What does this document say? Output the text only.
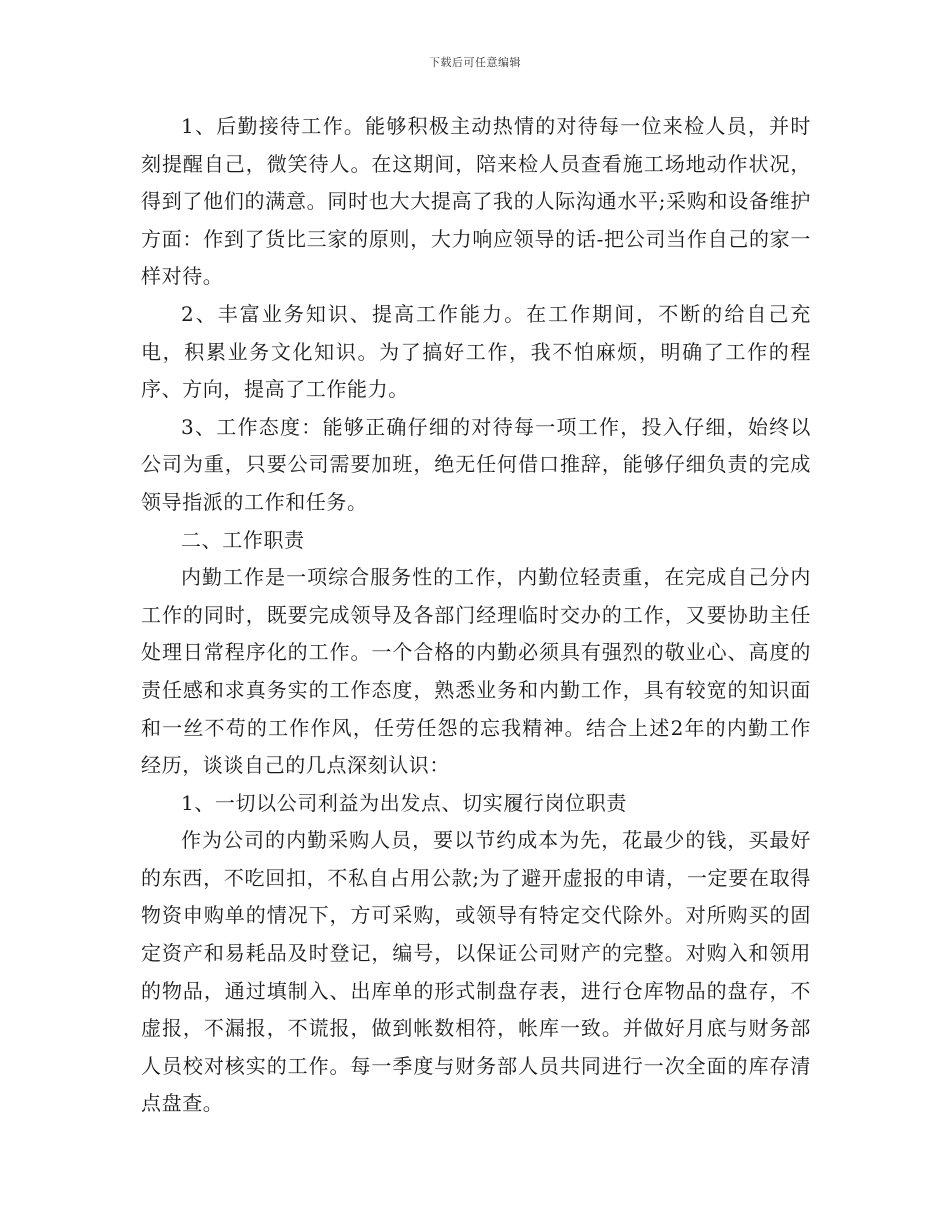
下载后可任意编辑

1、后勤接待工作。能够积极主动热情的对待每一位来检人员，并时刻提醒自己，微笑待人。在这期间，陪来检人员查看施工场地动作状况，得到了他们的满意。同时也大大提高了我的人际沟通水平;采购和设备维护方面：作到了货比三家的原则，大力响应领导的话-把公司当作自己的家一样对待。

2、丰富业务知识、提高工作能力。在工作期间，不断的给自己充电，积累业务文化知识。为了搞好工作，我不怕麻烦，明确了工作的程序、方向，提高了工作能力。

3、工作态度：能够正确仔细的对待每一项工作，投入仔细，始终以公司为重，只要公司需要加班，绝无任何借口推辞，能够仔细负责的完成领导指派的工作和任务。

二、工作职责

内勤工作是一项综合服务性的工作，内勤位轻责重，在完成自己分内工作的同时，既要完成领导及各部门经理临时交办的工作，又要协助主任处理日常程序化的工作。一个合格的内勤必须具有强烈的敬业心、高度的责任感和求真务实的工作态度，熟悉业务和内勤工作，具有较宽的知识面和一丝不苟的工作作风，任劳任怨的忘我精神。结合上述2年的内勤工作经历，谈谈自己的几点深刻认识：

1、一切以公司利益为出发点、切实履行岗位职责

作为公司的内勤采购人员，要以节约成本为先，花最少的钱，买最好的东西，不吃回扣，不私自占用公款;为了避开虚报的申请，一定要在取得物资申购单的情况下，方可采购，或领导有特定交代除外。对所购买的固定资产和易耗品及时登记，编号，以保证公司财产的完整。对购入和领用的物品，通过填制入、出库单的形式制盘存表，进行仓库物品的盘存，不虚报，不漏报，不谎报，做到帐数相符，帐库一致。并做好月底与财务部人员校对核实的工作。每一季度与财务部人员共同进行一次全面的库存清点盘查。
